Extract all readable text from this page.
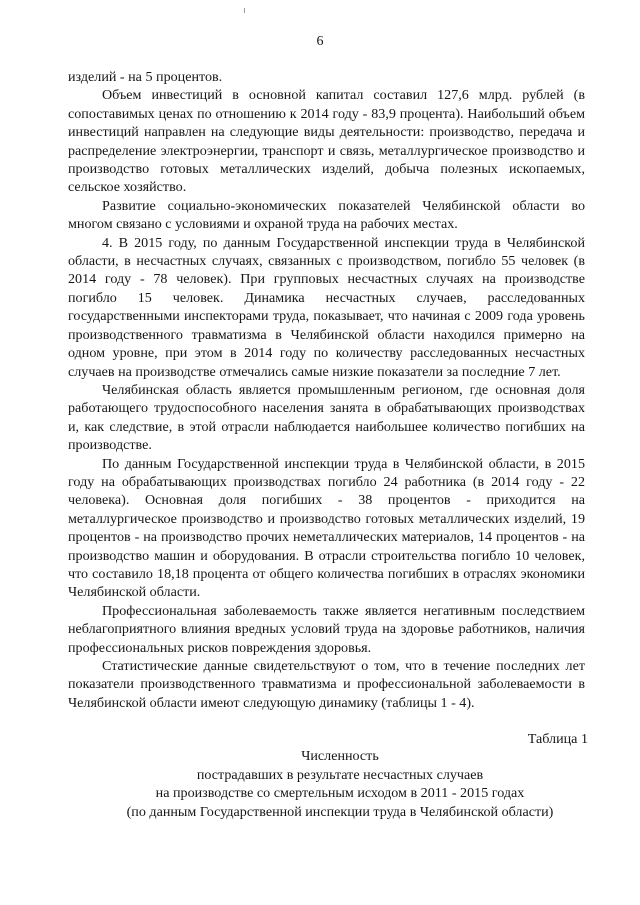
6

изделий - на 5 процентов.

Объем инвестиций в основной капитал составил 127,6 млрд. рублей (в сопоставимых ценах по отношению к 2014 году - 83,9 процента). Наибольший объем инвестиций направлен на следующие виды деятельности: производство, передача и распределение электроэнергии, транспорт и связь, металлургическое производство и производство готовых металлических изделий, добыча полезных ископаемых, сельское хозяйство.

Развитие социально-экономических показателей Челябинской области во многом связано с условиями и охраной труда на рабочих местах.

4. В 2015 году, по данным Государственной инспекции труда в Челябинской области, в несчастных случаях, связанных с производством, погибло 55 человек (в 2014 году - 78 человек). При групповых несчастных случаях на производстве погибло 15 человек. Динамика несчастных случаев, расследованных государственными инспекторами труда, показывает, что начиная с 2009 года уровень производственного травматизма в Челябинской области находился примерно на одном уровне, при этом в 2014 году по количеству расследованных несчастных случаев на производстве отмечались самые низкие показатели за последние 7 лет.

Челябинская область является промышленным регионом, где основная доля работающего трудоспособного населения занята в обрабатывающих производствах и, как следствие, в этой отрасли наблюдается наибольшее количество погибших на производстве.

По данным Государственной инспекции труда в Челябинской области, в 2015 году на обрабатывающих производствах погибло 24 работника (в 2014 году - 22 человека). Основная доля погибших - 38 процентов - приходится на металлургическое производство и производство готовых металлических изделий, 19 процентов - на производство прочих неметаллических материалов, 14 процентов - на производство машин и оборудования. В отрасли строительства погибло 10 человек, что составило 18,18 процента от общего количества погибших в отраслях экономики Челябинской области.

Профессиональная заболеваемость также является негативным последствием неблагоприятного влияния вредных условий труда на здоровье работников, наличия профессиональных рисков повреждения здоровья.

Статистические данные свидетельствуют о том, что в течение последних лет показатели производственного травматизма и профессиональной заболеваемости в Челябинской области имеют следующую динамику (таблицы 1 - 4).

Таблица 1
Численность
пострадавших в результате несчастных случаев
на производстве со смертельным исходом в 2011 - 2015 годах
(по данным Государственной инспекции труда в Челябинской области)
